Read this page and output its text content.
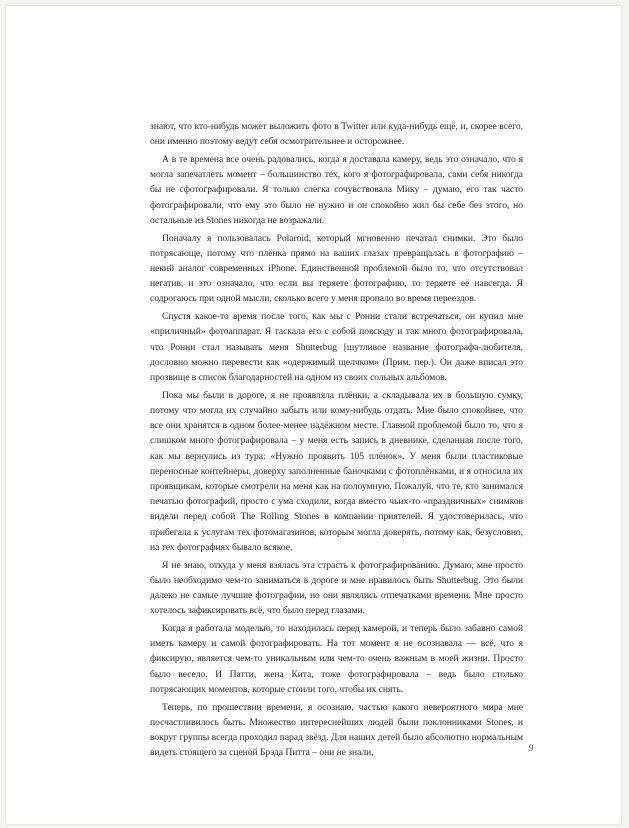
знают, что кто-нибудь может выложить фото в Twitter или куда-нибудь ещё, и, скорее всего, они именно поэтому ведут себя осмотрительнее и осторожнее.

А в те времена все очень радовались, когда я доставала камеру, ведь это означало, что я могла запечатлеть момент – большинство тех, кого я фотографировала, сами себя никогда бы не сфотографировали. Я только слегка сочувствовала Мику – думаю, его так часто фотографировали, что ему это было не нужно и он спокойно жил бы себе без этого, но остальные из Stones никогда не возражали.

Поначалу я пользовалась Polaroid, который мгновенно печатал снимки. Это было потрясающе, потому что плёнка прямо на ваших глазах превращалась в фотографию – некий аналог современных iPhone. Единственной проблемой было то, что отсутствовал негатив, и это означало, что если вы теряете фотографию, то теряете её навсегда. Я содрогаюсь при одной мысли, сколько всего у меня пропало во время переездов.

Спустя какое-то время после того, как мы с Ронни стали встречаться, он купил мне «приличный» фотоаппарат. Я таскала его с собой повсюду и так много фотографировала, что Ронни стал называть меня Shutterbug [шутливое название фотографа-любителя, дословно можно перевести как «одержимый щелчком» (Прим. пер.). Он даже вписал это прозвище в список благодарностей на одном из своих сольных альбомов.

Пока мы были в дороге, я не проявляла плёнки, а складывала их в большую сумку, потому что могла их случайно забыть или кому-нибудь отдать. Мне было спокойнее, что все они хранятся в одном более-менее надёжном месте. Главной проблемой было то, что я слишком много фотографировала – у меня есть запись в дневнике, сделанная после того, как мы вернулись из тура: «Нужно проявить 105 плёнок». У меня были пластиковые переносные контейнеры, доверху заполненные баночками с фотоплёнками, и я относила их проявщикам, которые смотрели на меня как на полоумную. Пожалуй, что те, кто занимался печатью фотографий, просто с ума сходили, когда вместо чьих-то «праздничных» снимков видели перед собой The Rolling Stones в компании приятелей. Я удостоверилась, что прибегала к услугам тех фотомагазинов, которым могла доверять, потому как, безусловно, на тех фотографиях бывало всякое.

Я не знаю, откуда у меня взялась эта страсть к фотографированию. Думаю, мне просто было необходимо чем-то заниматься в дороге и мне нравилось быть Shutterbug. Это были далеко не самые лучшие фотографии, но они являлись отпечатками времени. Мне просто хотелось зафиксировать всё, что было перед глазами.

Когда я работала моделью, то находилась перед камерой, и теперь было забавно самой иметь камеру и самой фотографировать. На тот момент я не осознавала — всё, что я фиксирую, является чем-то уникальным или чем-то очень важным в моей жизни. Просто было весело. И Патти, жена Кита, тоже фотографировала – ведь было столько потрясающих моментов, которые стоили того, чтобы их снять.

Теперь, по прошествии времени, я осознаю, частью какого невероятного мира мне посчастливилось быть. Множество интереснейших людей были поклонниками Stones, и вокруг группы всегда проходил парад звёзд. Для наших детей было абсолютно нормальным видеть стоящего за сценой Брэда Питта – они не знали,	9
